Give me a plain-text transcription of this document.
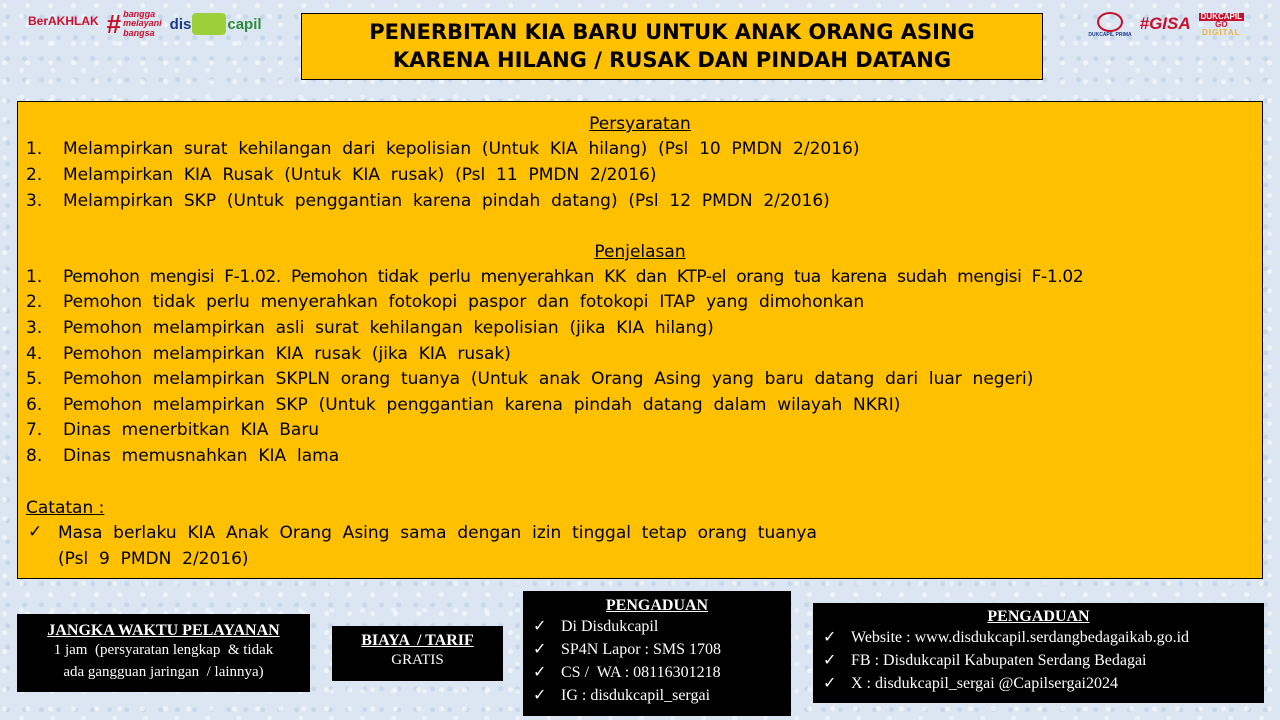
BerAKHLAK
# bangga
melayani
bangsa
dis capil
DUKCAPIL PRIMA
#GISA
DUKCAPIL
GO
DIGITAL
PENERBITAN KIA BARU UNTUK ANAK ORANG ASING
KARENA HILANG / RUSAK DAN PINDAH DATANG
Persyaratan
1. Melampirkan  surat  kehilangan  dari  kepolisian  (Untuk  KIA  hilang)  (Psl  10  PMDN  2/2016)
2. Melampirkan  KIA  Rusak  (Untuk  KIA  rusak)  (Psl  11  PMDN  2/2016)
3. Melampirkan  SKP  (Untuk  penggantian  karena  pindah  datang)  (Psl  12  PMDN  2/2016)
Penjelasan
1. Pemohon  mengisi  F-1.02.  Pemohon  tidak  perlu  menyerahkan  KK  dan  KTP-el  orang  tua  karena  sudah  mengisi  F-1.02
2. Pemohon  tidak  perlu  menyerahkan  fotokopi  paspor  dan  fotokopi  ITAP  yang  dimohonkan
3. Pemohon  melampirkan  asli  surat  kehilangan  kepolisian  (jika  KIA  hilang)
4. Pemohon  melampirkan  KIA  rusak  (jika  KIA  rusak)
5. Pemohon  melampirkan  SKPLN  orang  tuanya  (Untuk  anak  Orang  Asing  yang  baru  datang  dari  luar  negeri)
6. Pemohon  melampirkan  SKP  (Untuk  penggantian  karena  pindah  datang  dalam  wilayah  NKRI)
7. Dinas  menerbitkan  KIA  Baru
8. Dinas  memusnahkan  KIA  lama
Catatan :
✓ Masa  berlaku  KIA  Anak  Orang  Asing  sama  dengan  izin  tinggal  tetap  orang  tuanya
(Psl  9  PMDN  2/2016)
JANGKA WAKTU PELAYANAN
1 jam  (persyaratan lengkap  & tidak
ada gangguan jaringan  / lainnya)
BIAYA  / TARIF
GRATIS
PENGADUAN
✓ Di Disdukcapil
✓ SP4N Lapor : SMS 1708
✓ CS /  WA : 08116301218
✓ IG : disdukcapil_sergai
PENGADUAN
✓ Website : www.disdukcapil.serdangbedagaikab.go.id
✓ FB : Disdukcapil Kabupaten Serdang Bedagai
✓ X : disdukcapil_sergai @Capilsergai2024
